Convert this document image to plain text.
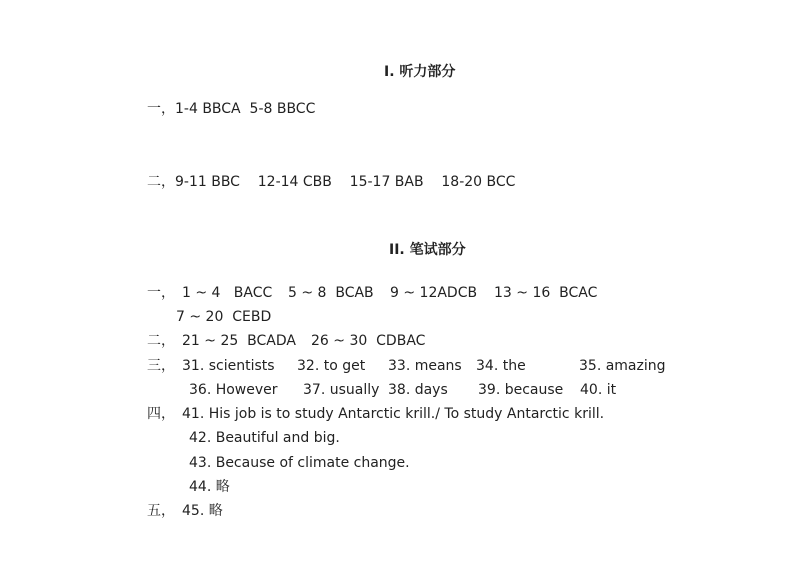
I. 听力部分
一，1-4 BBCA  5-8 BBCC
二，9-11 BBC    12-14 CBB    15-17 BAB    18-20 BCC
II. 笔试部分
一， 1 ~ 4   BACC 5 ~ 8  BCAB 9 ~ 12ADCB 13 ~ 16  BCAC
7 ~ 20  CEBD
二， 21 ~ 25  BCADA 26 ~ 30  CDBAC
三， 31. scientists 32. to get 33. means 34. the	35. amazing
36. However 37. usually 38. days 39. because 40. it
四， 41. His job is to study Antarctic krill./ To study Antarctic krill.
42. Beautiful and big.
43. Because of climate change.
44. 略
五， 45. 略
